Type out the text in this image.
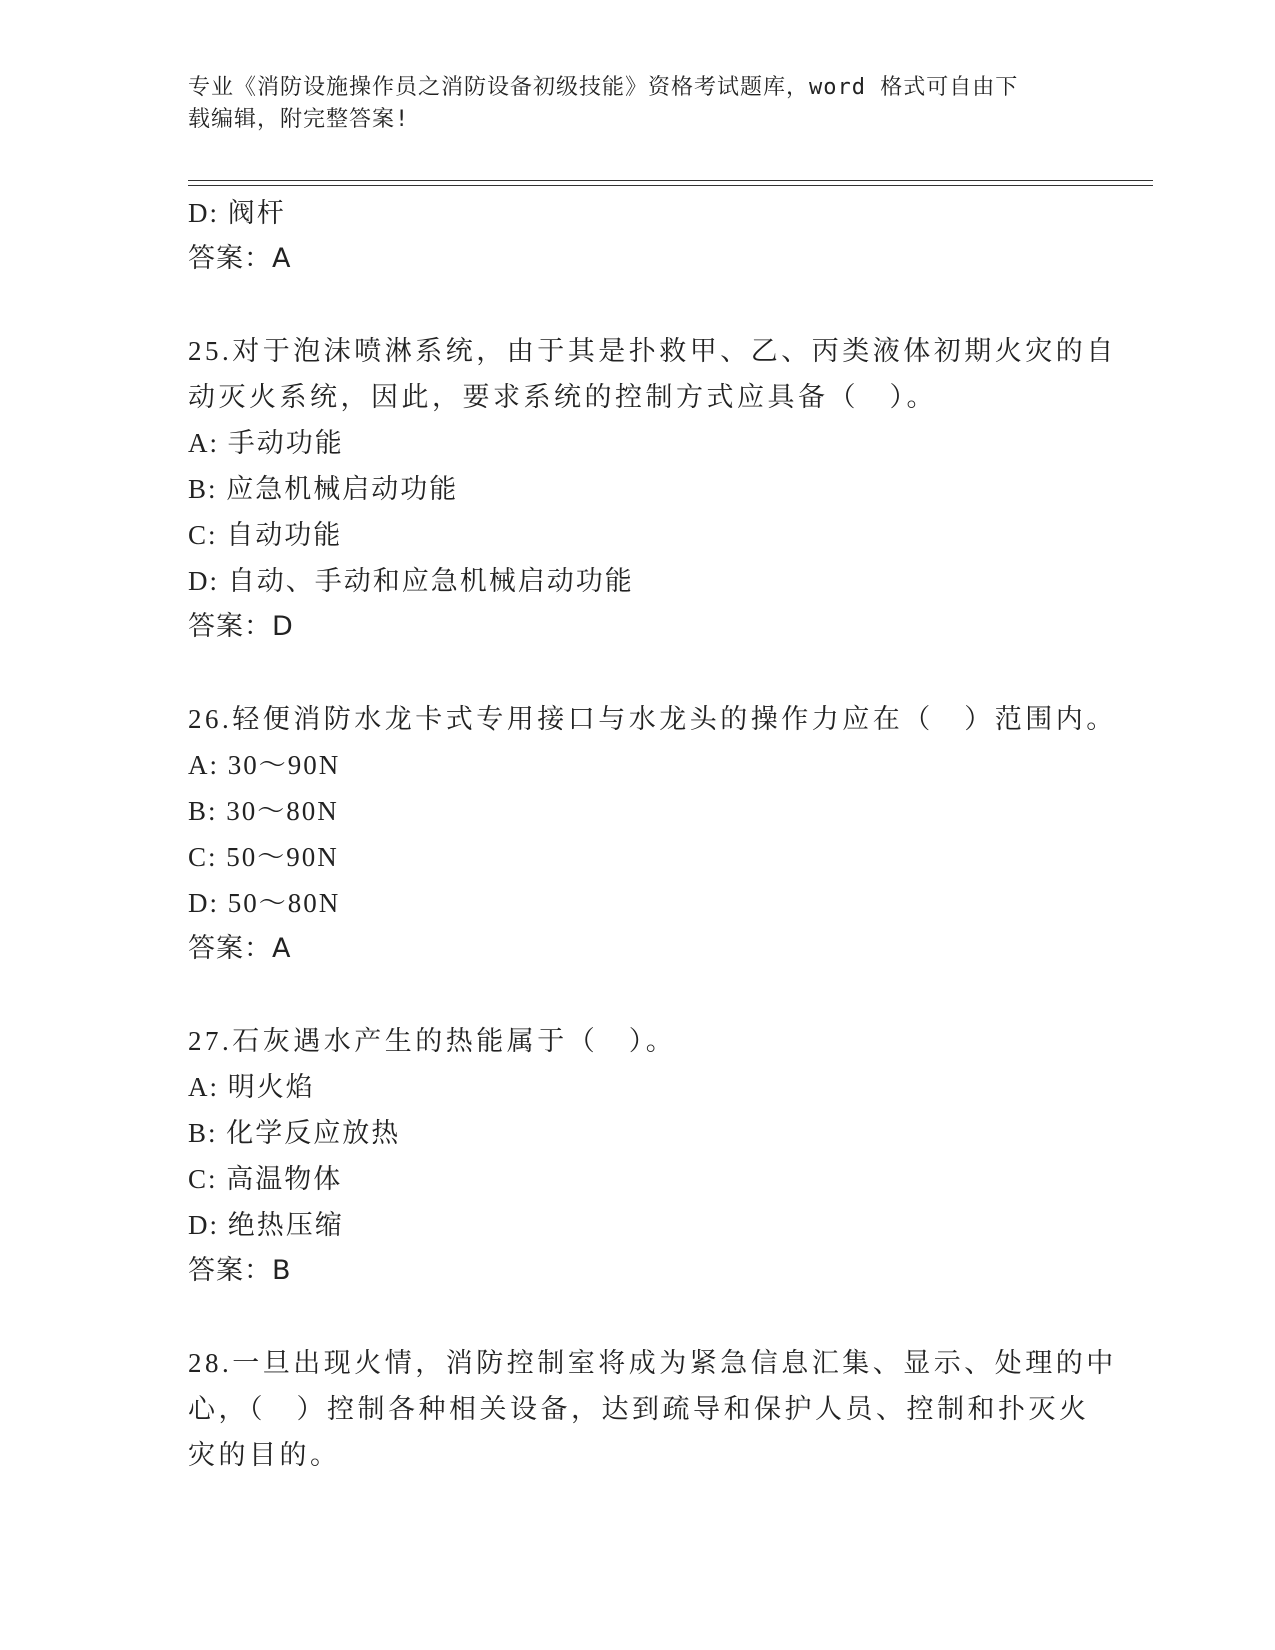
专业《消防设施操作员之消防设备初级技能》资格考试题库，word 格式可自由下
载编辑，附完整答案!
D: 阀杆
答案：A
25.对于泡沫喷淋系统，由于其是扑救甲、乙、丙类液体初期火灾的自
动灭火系统，因此，要求系统的控制方式应具备（　）。
A: 手动功能
B: 应急机械启动功能
C: 自动功能
D: 自动、手动和应急机械启动功能
答案：D
26.轻便消防水龙卡式专用接口与水龙头的操作力应在（　）范围内。
A: 30～90N
B: 30～80N
C: 50～90N
D: 50～80N
答案：A
27.石灰遇水产生的热能属于（　）。
A: 明火焰
B: 化学反应放热
C: 高温物体
D: 绝热压缩
答案：B
28.一旦出现火情，消防控制室将成为紧急信息汇集、显示、处理的中
心，（　）控制各种相关设备，达到疏导和保护人员、控制和扑灭火
灾的目的。
